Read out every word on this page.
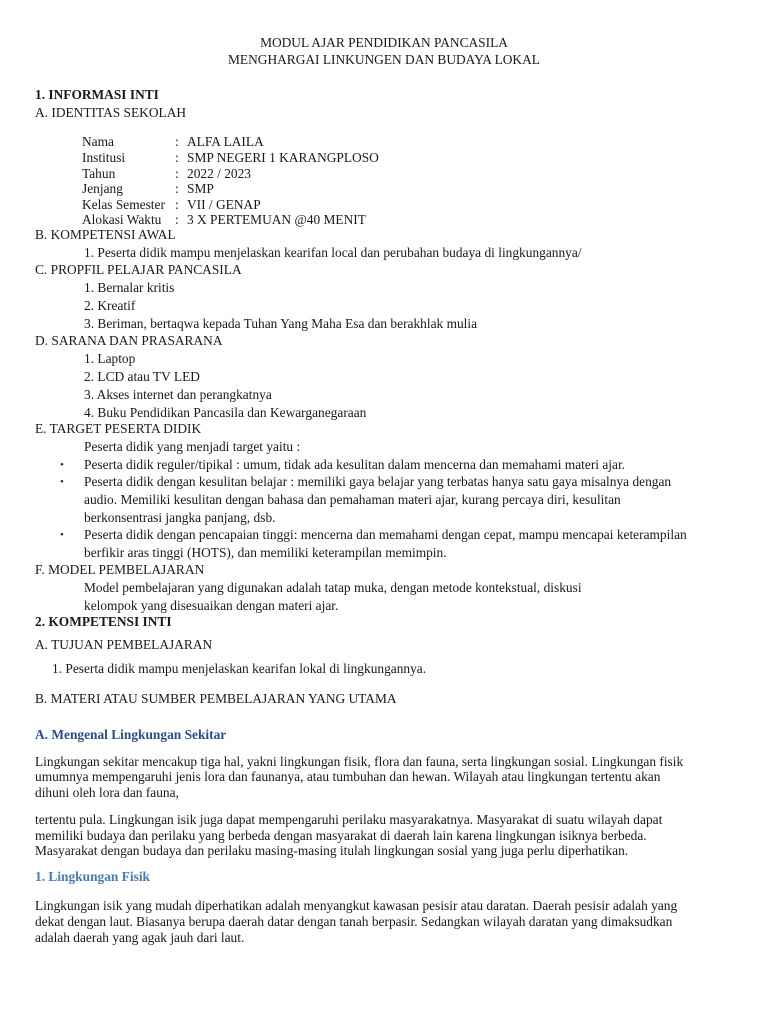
MODUL AJAR PENDIDIKAN PANCASILA
MENGHARGAI LINKUNGEN DAN BUDAYA LOKAL
1. INFORMASI INTI
A. IDENTITAS SEKOLAH
Nama	: ALFA LAILA
Institusi	: SMP NEGERI 1 KARANGPLOSO
Tahun	: 2022 / 2023
Jenjang	: SMP
Kelas Semester : VII / GENAP
Alokasi Waktu : 3 X PERTEMUAN @40 MENIT
B. KOMPETENSI AWAL
1. Peserta didik mampu menjelaskan kearifan local dan perubahan budaya di lingkungannya/
C. PROPFIL PELAJAR PANCASILA
1. Bernalar kritis
2. Kreatif
3. Beriman, bertaqwa kepada Tuhan Yang Maha Esa dan berakhlak mulia
D. SARANA DAN PRASARANA
1. Laptop
2. LCD atau TV LED
3. Akses internet dan perangkatnya
4. Buku Pendidikan Pancasila dan Kewarganegaraan
E. TARGET PESERTA DIDIK
Peserta didik yang menjadi target yaitu :
• Peserta didik reguler/tipikal : umum, tidak ada kesulitan dalam mencerna dan memahami materi ajar.
• Peserta didik dengan kesulitan belajar : memiliki gaya belajar yang terbatas hanya satu gaya misalnya dengan
audio. Memiliki kesulitan dengan bahasa dan pemahaman materi ajar, kurang percaya diri, kesulitan
berkonsentrasi jangka panjang, dsb.
• Peserta didik dengan pencapaian tinggi: mencerna dan memahami dengan cepat, mampu mencapai keterampilan
berfikir aras tinggi (HOTS), dan memiliki keterampilan memimpin.
F. MODEL PEMBELAJARAN
Model pembelajaran yang digunakan adalah tatap muka, dengan metode kontekstual, diskusi
kelompok yang disesuaikan dengan materi ajar.
2. KOMPETENSI INTI
A. TUJUAN PEMBELAJARAN
1. Peserta didik mampu menjelaskan kearifan lokal di lingkungannya.
B. MATERI ATAU SUMBER PEMBELAJARAN YANG UTAMA
A. Mengenal Lingkungan Sekitar
Lingkungan sekitar mencakup tiga hal, yakni lingkungan fisik, flora dan fauna, serta lingkungan sosial. Lingkungan fisik
umumnya mempengaruhi jenis lora dan faunanya, atau tumbuhan dan hewan. Wilayah atau lingkungan tertentu akan
dihuni oleh lora dan fauna,
tertentu pula. Lingkungan isik juga dapat mempengaruhi perilaku masyarakatnya. Masyarakat di suatu wilayah dapat
memiliki budaya dan perilaku yang berbeda dengan masyarakat di daerah lain karena lingkungan isiknya berbeda.
Masyarakat dengan budaya dan perilaku masing-masing itulah lingkungan sosial yang juga perlu diperhatikan.
1. Lingkungan Fisik
Lingkungan isik yang mudah diperhatikan adalah menyangkut kawasan pesisir atau daratan. Daerah pesisir adalah yang
dekat dengan laut. Biasanya berupa daerah datar dengan tanah berpasir. Sedangkan wilayah daratan yang dimaksudkan
adalah daerah yang agak jauh dari laut.
